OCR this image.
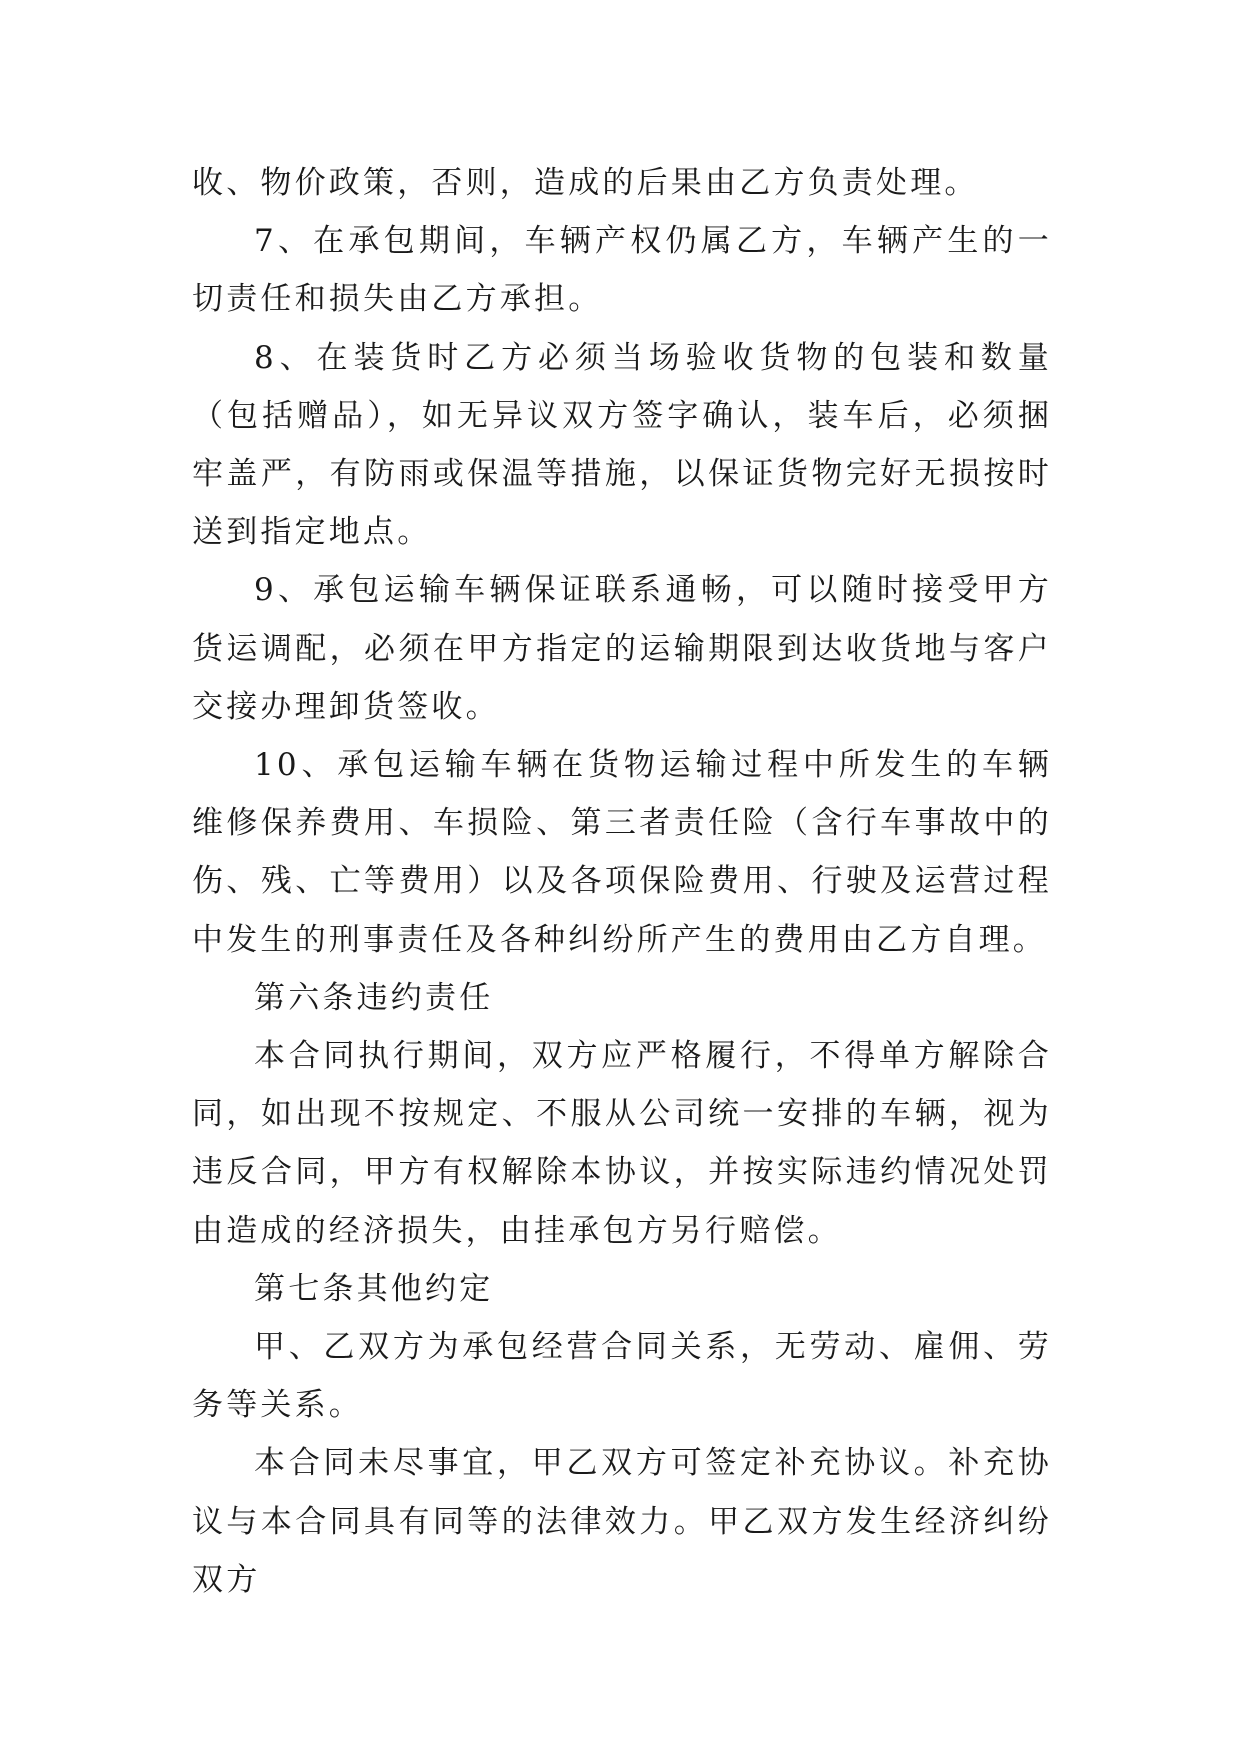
收、物价政策，否则，造成的后果由乙方负责处理。

7、在承包期间，车辆产权仍属乙方，车辆产生的一切责任和损失由乙方承担。

8、在装货时乙方必须当场验收货物的包装和数量（包括赠品），如无异议双方签字确认，装车后，必须捆牢盖严，有防雨或保温等措施，以保证货物完好无损按时送到指定地点。

9、承包运输车辆保证联系通畅，可以随时接受甲方货运调配，必须在甲方指定的运输期限到达收货地与客户交接办理卸货签收。

10、承包运输车辆在货物运输过程中所发生的车辆维修保养费用、车损险、第三者责任险（含行车事故中的伤、残、亡等费用）以及各项保险费用、行驶及运营过程中发生的刑事责任及各种纠纷所产生的费用由乙方自理。

第六条违约责任

本合同执行期间，双方应严格履行，不得单方解除合同，如出现不按规定、不服从公司统一安排的车辆，视为违反合同，甲方有权解除本协议，并按实际违约情况处罚由造成的经济损失，由挂承包方另行赔偿。

第七条其他约定

甲、乙双方为承包经营合同关系，无劳动、雇佣、劳务等关系。

本合同未尽事宜，甲乙双方可签定补充协议。补充协议与本合同具有同等的法律效力。甲乙双方发生经济纠纷双方
